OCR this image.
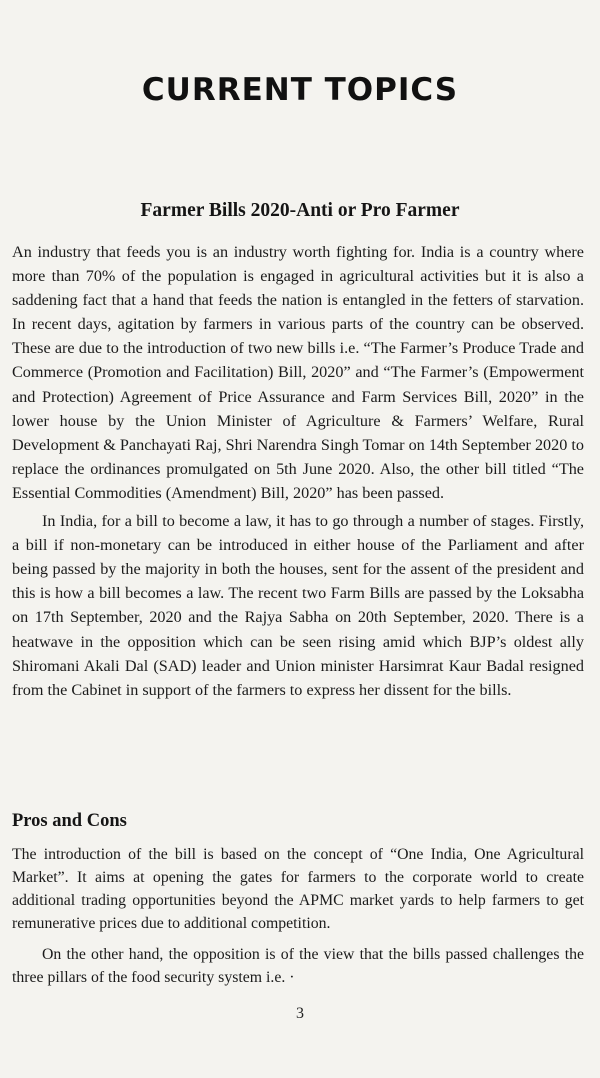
CURRENT TOPICS
Farmer Bills 2020-Anti or Pro Farmer

An industry that feeds you is an industry worth fighting for. India is a country where more than 70% of the population is engaged in agricultural activities but it is also a saddening fact that a hand that feeds the nation is entangled in the fetters of starvation. In recent days, agitation by farmers in various parts of the country can be observed. These are due to the introduction of two new bills i.e. “The Farmer’s Produce Trade and Commerce (Promotion and Facilitation) Bill, 2020” and “The Farmer’s (Empowerment and Protection) Agreement of Price Assurance and Farm Services Bill, 2020” in the lower house by the Union Minister of Agriculture & Farmers’ Welfare, Rural Development & Panchayati Raj, Shri Narendra Singh Tomar on 14th September 2020 to replace the ordinances promulgated on 5th June 2020. Also, the other bill titled “The Essential Commodities (Amendment) Bill, 2020” has been passed.

In India, for a bill to become a law, it has to go through a number of stages. Firstly, a bill if non-monetary can be introduced in either house of the Parliament and after being passed by the majority in both the houses, sent for the assent of the president and this is how a bill becomes a law. The recent two Farm Bills are passed by the Loksabha on 17th September, 2020 and the Rajya Sabha on 20th September, 2020. There is a heatwave in the opposition which can be seen rising amid which BJP’s oldest ally Shiromani Akali Dal (SAD) leader and Union minister Harsimrat Kaur Badal resigned from the Cabinet in support of the farmers to express her dissent for the bills.

Pros and Cons

The introduction of the bill is based on the concept of “One India, One Agricultural Market”. It aims at opening the gates for farmers to the corporate world to create additional trading opportunities beyond the APMC market yards to help farmers to get remunerative prices due to additional competition.

On the other hand, the opposition is of the view that the bills passed challenges the three pillars of the food security system i.e. ·

3
